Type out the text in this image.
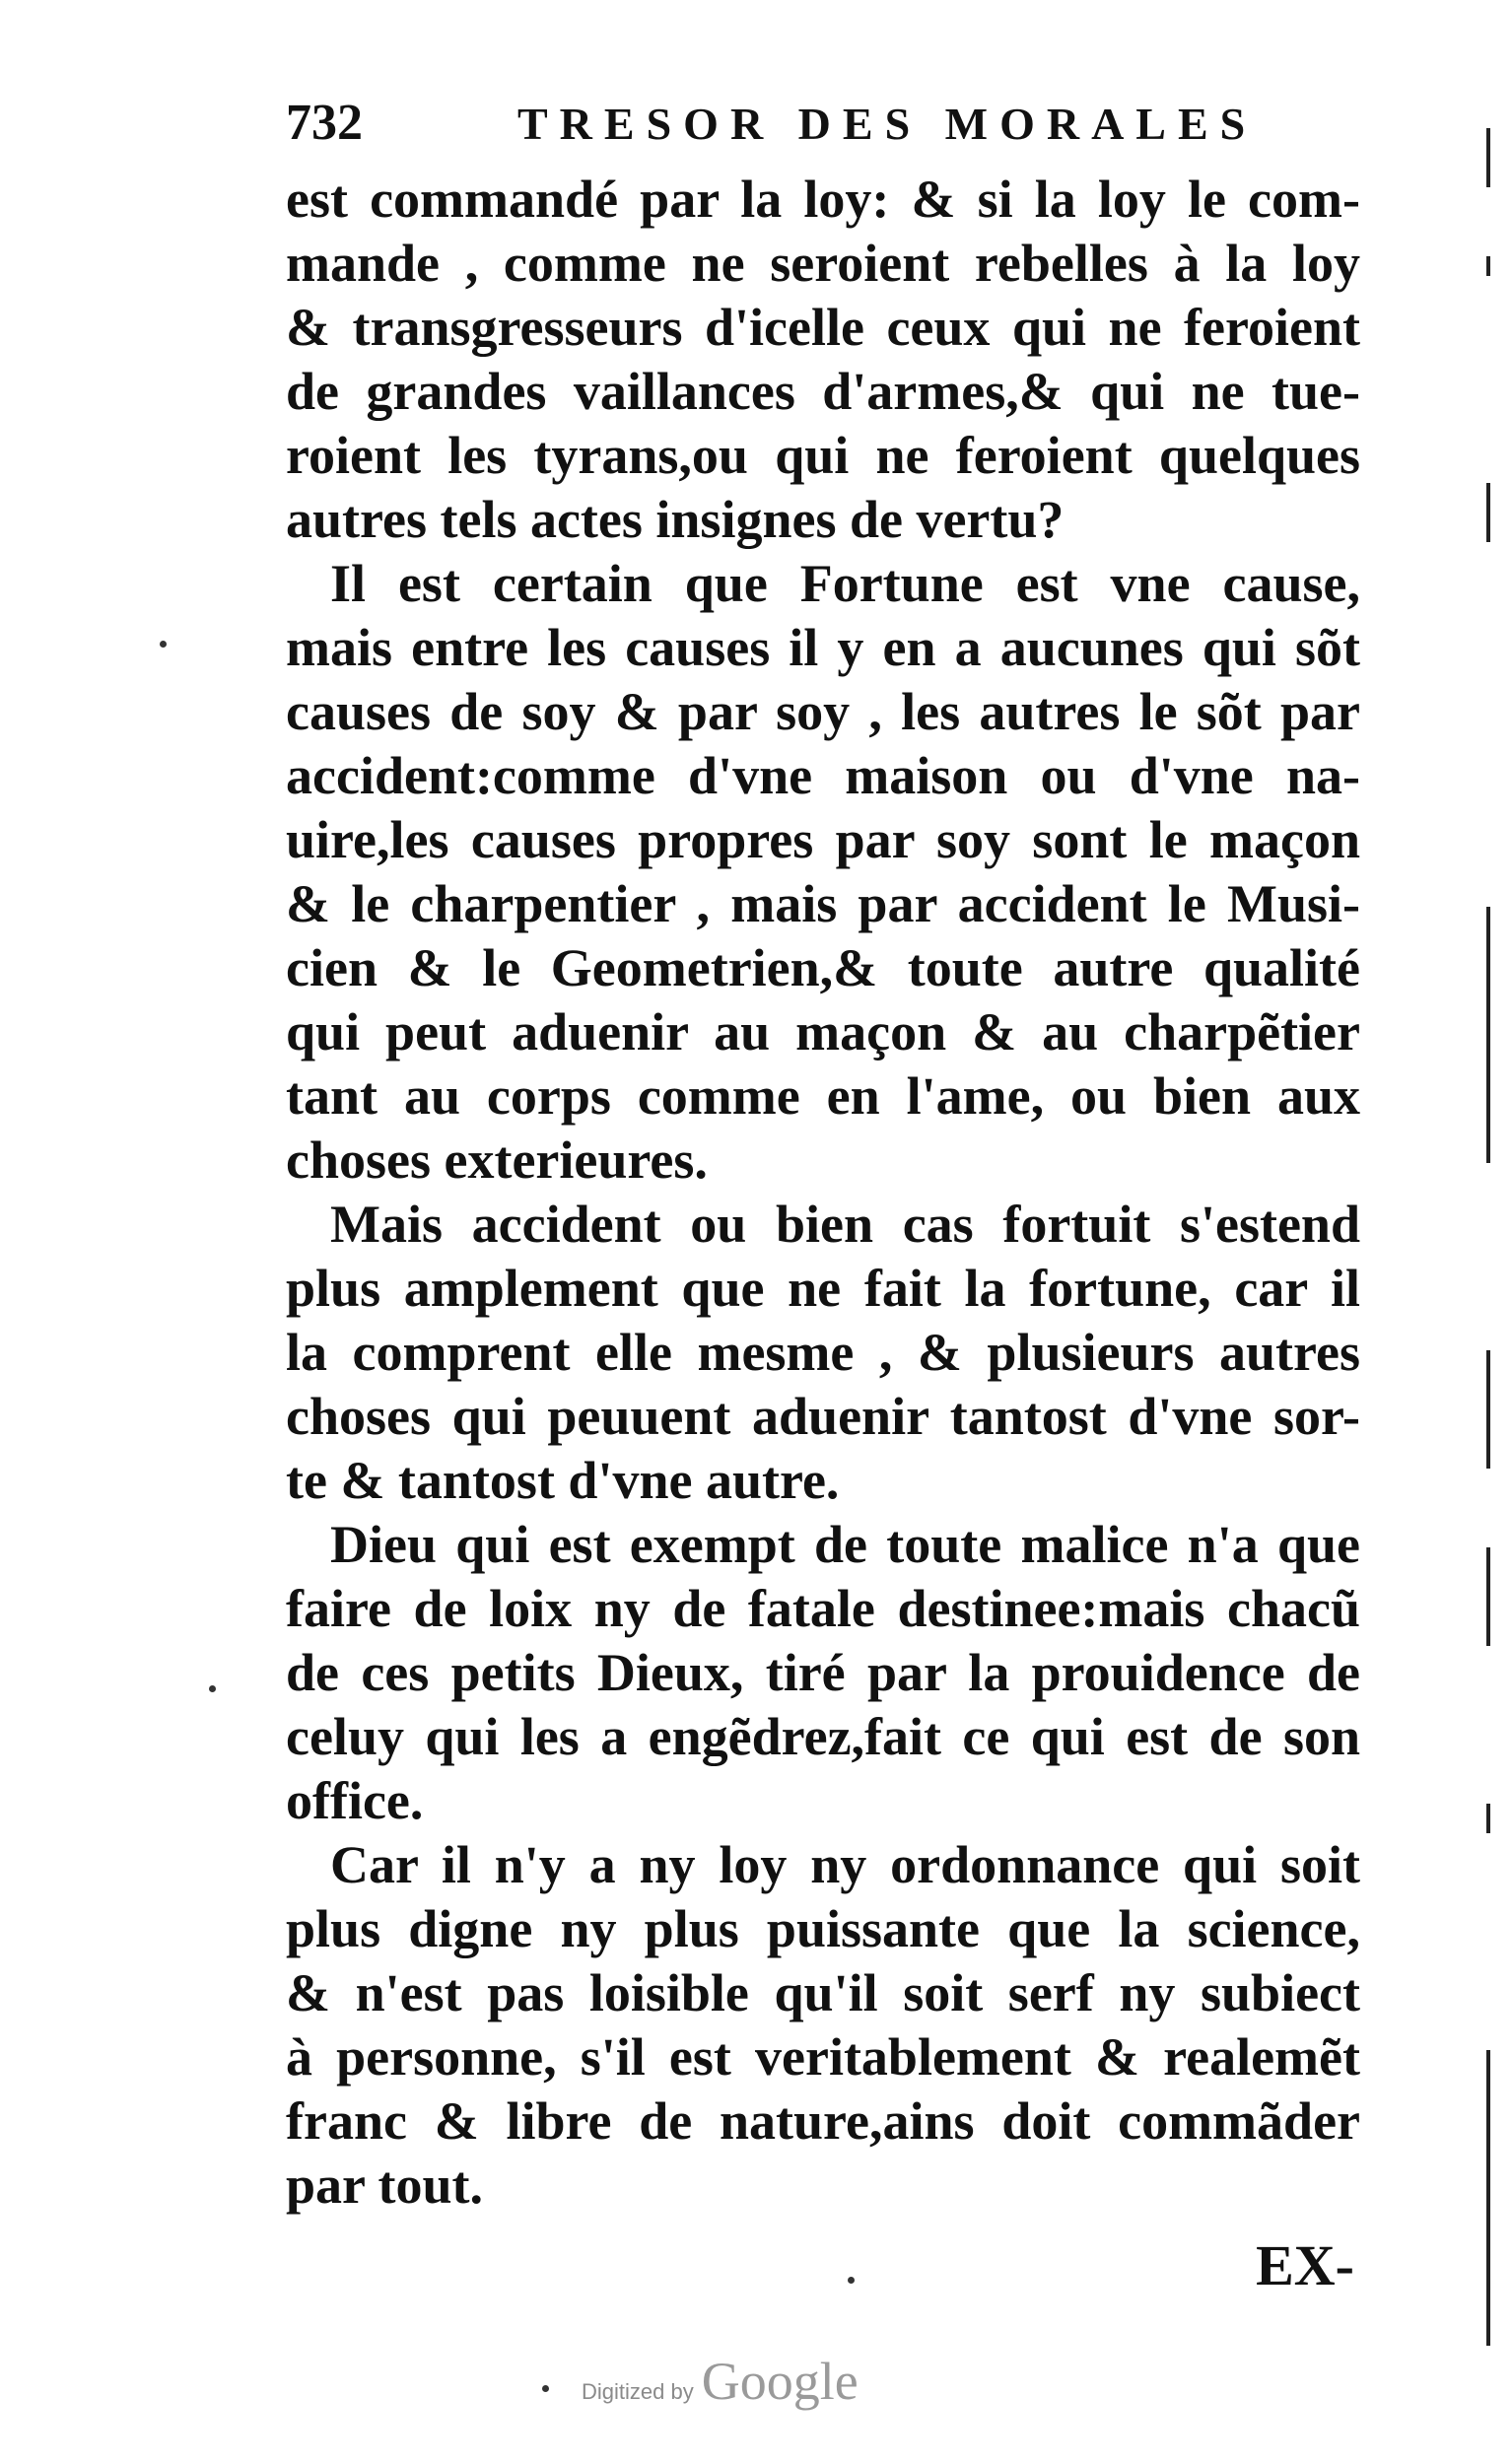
732	TRESOR DES MORALES
est commandé par la loy: & si la loy le com-
mande , comme ne seroient rebelles à la loy
& transgresseurs d'icelle ceux qui ne feroient
de grandes vaillances d'armes,& qui ne tue-
roient les tyrans,ou qui ne feroient quelques
autres tels actes insignes de vertu?
Il est certain que Fortune est vne cause,
mais entre les causes il y en a aucunes qui sõt
causes de soy & par soy , les autres le sõt par
accident:comme d'vne maison ou d'vne na-
uire,les causes propres par soy sont le maçon
& le charpentier , mais par accident le Musi-
cien & le Geometrien,& toute autre qualité
qui peut aduenir au maçon & au charpẽtier
tant au corps comme en l'ame, ou bien aux
choses exterieures.
Mais accident ou bien cas fortuit s'estend
plus amplement que ne fait la fortune, car il
la comprent elle mesme , & plusieurs autres
choses qui peuuent aduenir tantost d'vne sor-
te & tantost d'vne autre.
Dieu qui est exempt de toute malice n'a que
faire de loix ny de fatale destinee:mais chacũ
de ces petits Dieux, tiré par la prouidence de
celuy qui les a engẽdrez,fait ce qui est de son
office.
Car il n'y a ny loy ny ordonnance qui soit
plus digne ny plus puissante que la science,
& n'est pas loisible qu'il soit serf ny subiect
à personne, s'il est veritablement & realemẽt
franc & libre de nature,ains doit commãder
par tout.
EX-
Digitized by Google
